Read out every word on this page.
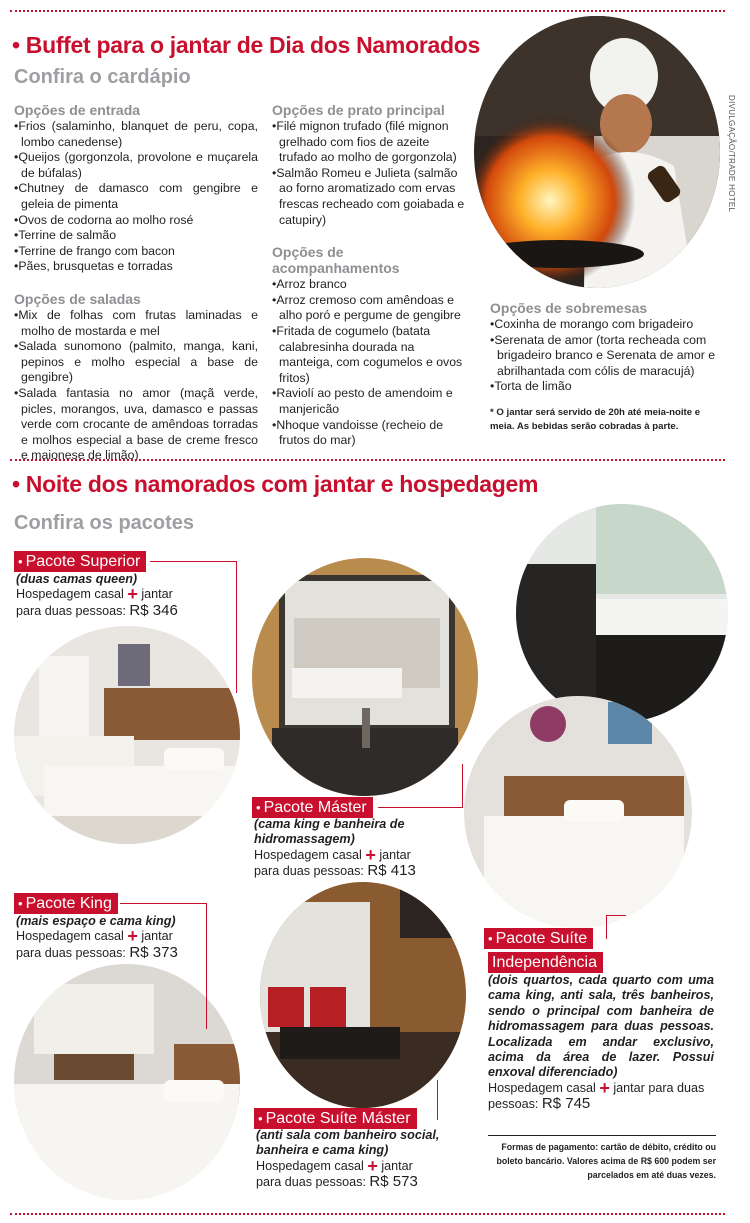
• Buffet para o jantar de Dia dos Namorados
Confira o cardápio
Opções de entrada
• Frios (salaminho, blanquet de peru, copa, lombo canedense)
• Queijos (gorgonzola, provolone e muçarela de búfalas)
• Chutney de damasco com gengibre e geleia de pimenta
• Ovos de codorna ao molho rosé
• Terrine de salmão
• Terrine de frango com bacon
• Pães, brusquetas e torradas
Opções de saladas
• Mix de folhas com frutas laminadas e molho de mostarda e mel
• Salada sunomono (palmito, manga, kani, pepinos e molho especial a base de gengibre)
• Salada fantasia no amor (maçã verde, picles, morangos, uva, damasco e passas verde com crocante de amêndoas torradas e molhos especial a base de creme fresco e maionese de limão)
Opções de prato principal
• Filé mignon trufado (filé mignon grelhado com fios de azeite trufado ao molho de gorgonzola)
• Salmão Romeu e Julieta (salmão ao forno aromatizado com ervas frescas recheado com goiabada e catupiry)
Opções de acompanhamentos
• Arroz branco
• Arroz cremoso com amêndoas e alho poró e pergume de gengibre
• Fritada de cogumelo (batata calabresinha dourada na manteiga, com cogumelos e ovos fritos)
• Raviolí ao pesto de amendoim e manjericão
• Nhoque vandoisse (recheio de frutos do mar)
Opções de sobremesas
• Coxinha de morango com brigadeiro
• Serenata de amor (torta recheada com brigadeiro branco e Serenata de amor e abrilhantada com cólis de maracujá)
• Torta de limão
* O jantar será servido de 20h até meia-noite e meia. As bebidas serão cobradas à parte.
DIVULGAÇÃO/TRADE HOTEL
• Noite dos namorados com jantar e hospedagem
Confira os pacotes
• Pacote Superior
(duas camas queen)
Hospedagem casal + jantar
para duas pessoas: R$ 346
• Pacote Máster
(cama king e banheira de hidromassagem)
Hospedagem casal + jantar
para duas pessoas: R$ 413
• Pacote King
(mais espaço e cama king)
Hospedagem casal + jantar
para duas pessoas: R$ 373
• Pacote Suíte Máster
(anti sala com banheiro social, banheira e cama king)
Hospedagem casal + jantar
para duas pessoas: R$ 573
• Pacote Suíte
Independência
(dois quartos, cada quarto com uma cama king, anti sala, três banheiros, sendo o principal com banheira de hidromassagem para duas pessoas. Localizada em andar exclusivo, acima da área de lazer. Possui enxoval diferenciado)
Hospedagem casal + jantar para duas
pessoas: R$ 745
Formas de pagamento: cartão de débito, crédito ou boleto bancário. Valores acima de R$ 600 podem ser parcelados em até duas vezes.
